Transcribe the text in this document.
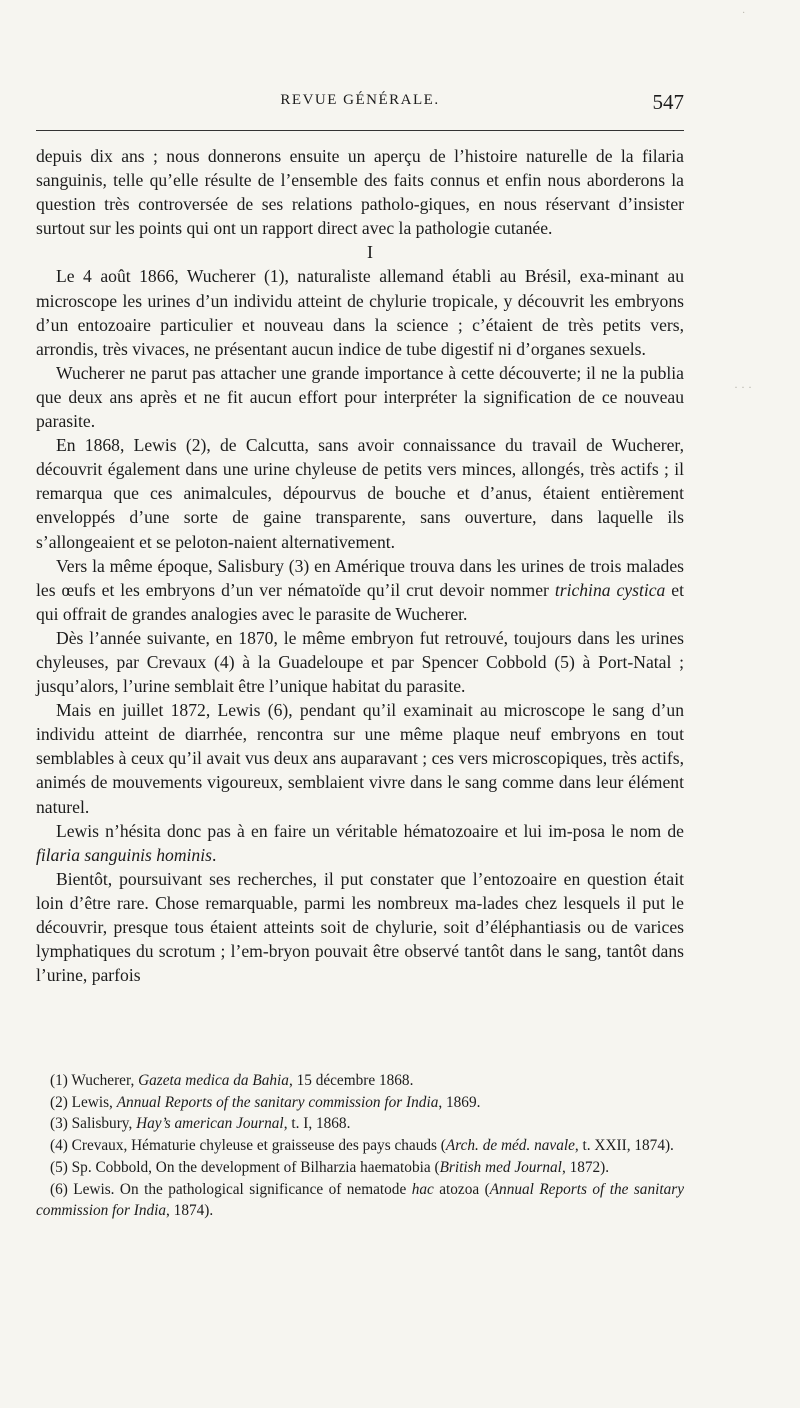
REVUE GÉNÉRALE.	547

depuis dix ans ; nous donnerons ensuite un aperçu de l’histoire naturelle de la filaria sanguinis, telle qu’elle résulte de l’ensemble des faits connus et enfin nous aborderons la question très controversée de ses relations patholo-giques, en nous réservant d’insister surtout sur les points qui ont un rapport direct avec la pathologie cutanée.

I

Le 4 août 1866, Wucherer (1), naturaliste allemand établi au Brésil, exa-minant au microscope les urines d’un individu atteint de chylurie tropicale, y découvrit les embryons d’un entozoaire particulier et nouveau dans la science ; c’étaient de très petits vers, arrondis, très vivaces, ne présentant aucun indice de tube digestif ni d’organes sexuels.

Wucherer ne parut pas attacher une grande importance à cette découverte; il ne la publia que deux ans après et ne fit aucun effort pour interpréter la signification de ce nouveau parasite.

En 1868, Lewis (2), de Calcutta, sans avoir connaissance du travail de Wucherer, découvrit également dans une urine chyleuse de petits vers minces, allongés, très actifs ; il remarqua que ces animalcules, dépourvus de bouche et d’anus, étaient entièrement enveloppés d’une sorte de gaine transparente, sans ouverture, dans laquelle ils s’allongeaient et se peloton-naient alternativement.

Vers la même époque, Salisbury (3) en Amérique trouva dans les urines de trois malades les œufs et les embryons d’un ver nématoïde qu’il crut devoir nommer trichina cystica et qui offrait de grandes analogies avec le parasite de Wucherer.

Dès l’année suivante, en 1870, le même embryon fut retrouvé, toujours dans les urines chyleuses, par Crevaux (4) à la Guadeloupe et par Spencer Cobbold (5) à Port-Natal ; jusqu’alors, l’urine semblait être l’unique habitat du parasite.

Mais en juillet 1872, Lewis (6), pendant qu’il examinait au microscope le sang d’un individu atteint de diarrhée, rencontra sur une même plaque neuf embryons en tout semblables à ceux qu’il avait vus deux ans auparavant ; ces vers microscopiques, très actifs, animés de mouvements vigoureux, semblaient vivre dans le sang comme dans leur élément naturel.

Lewis n’hésita donc pas à en faire un véritable hématozoaire et lui im-posa le nom de filaria sanguinis hominis.

Bientôt, poursuivant ses recherches, il put constater que l’entozoaire en question était loin d’être rare. Chose remarquable, parmi les nombreux ma-lades chez lesquels il put le découvrir, presque tous étaient atteints soit de chylurie, soit d’éléphantiasis ou de varices lymphatiques du scrotum ; l’em-bryon pouvait être observé tantôt dans le sang, tantôt dans l’urine, parfois

(1) Wucherer, Gazeta medica da Bahia, 15 décembre 1868.

(2) Lewis, Annual Reports of the sanitary commission for India, 1869.

(3) Salisbury, Hay’s american Journal, t. I, 1868.

(4) Crevaux, Hématurie chyleuse et graisseuse des pays chauds (Arch. de méd. navale, t. XXII, 1874).

(5) Sp. Cobbold, On the development of Bilharzia haematobia (British med Journal, 1872).

(6) Lewis. On the pathological significance of nematode hac atozoa (Annual Reports of the sanitary commission for India, 1874).

·
· · ·
